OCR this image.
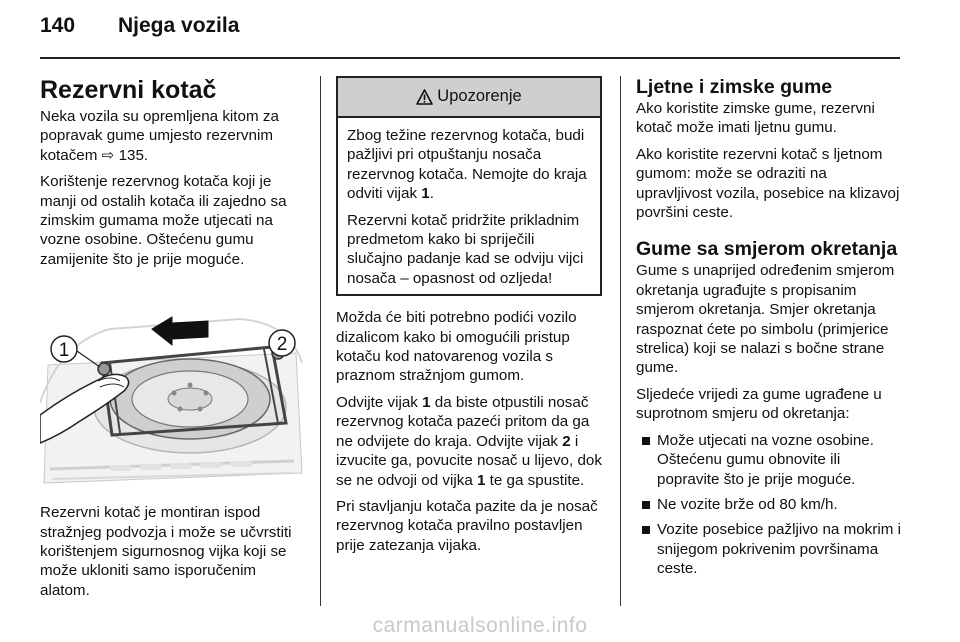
140 Njega vozila
Rezervni kotač

Neka vozila su opremljena kitom za popravak gume umjesto rezervnim kotačem ⇨ 135.

Korištenje rezervnog kotača koji je manji od ostalih kotača ili zajedno sa zimskim gumama može utjecati na vozne osobine. Oštećenu gumu zamijenite što je prije moguće.

1	2

Rezervni kotač je montiran ispod stražnjeg podvozja i može se učvrstiti korištenjem sigurnosnog vijka koji se može ukloniti samo isporučenim alatom.

Upozorenje

Zbog težine rezervnog kotača, budi pažljivi pri otpuštanju nosača rezervnog kotača. Nemojte do kraja odviti vijak 1.

Rezervni kotač pridržite prikladnim predmetom kako bi spriječili slučajno padanje kad se odviju vijci nosača – opasnost od ozljeda!

Možda će biti potrebno podići vozilo dizalicom kako bi omogućili pristup kotaču kod natovarenog vozila s praznom stražnjom gumom.

Odvijte vijak 1 da biste otpustili nosač rezervnog kotača pazeći pritom da ga ne odvijete do kraja. Odvijte vijak 2 i izvucite ga, povucite nosač u lijevo, dok se ne odvoji od vijka 1 te ga spustite.

Pri stavljanju kotača pazite da je nosač rezervnog kotača pravilno postavljen prije zatezanja vijaka.

Ljetne i zimske gume

Ako koristite zimske gume, rezervni kotač može imati ljetnu gumu.

Ako koristite rezervni kotač s ljetnom gumom: može se odraziti na upravljivost vozila, posebice na klizavoj površini ceste.

Gume sa smjerom okretanja

Gume s unaprijed određenim smjerom okretanja ugrađujte s propisanim smjerom okretanja. Smjer okretanja raspoznat ćete po simbolu (primjerice strelica) koji se nalazi s bočne strane gume.

Sljedeće vrijedi za gume ugrađene u suprotnom smjeru od okretanja:

Može utjecati na vozne osobine. Oštećenu gumu obnovite ili popravite što je prije moguće.
Ne vozite brže od 80 km/h.
Vozite posebice pažljivo na mokrim i snijegom pokrivenim površinama ceste.
carmanualsonline.info
